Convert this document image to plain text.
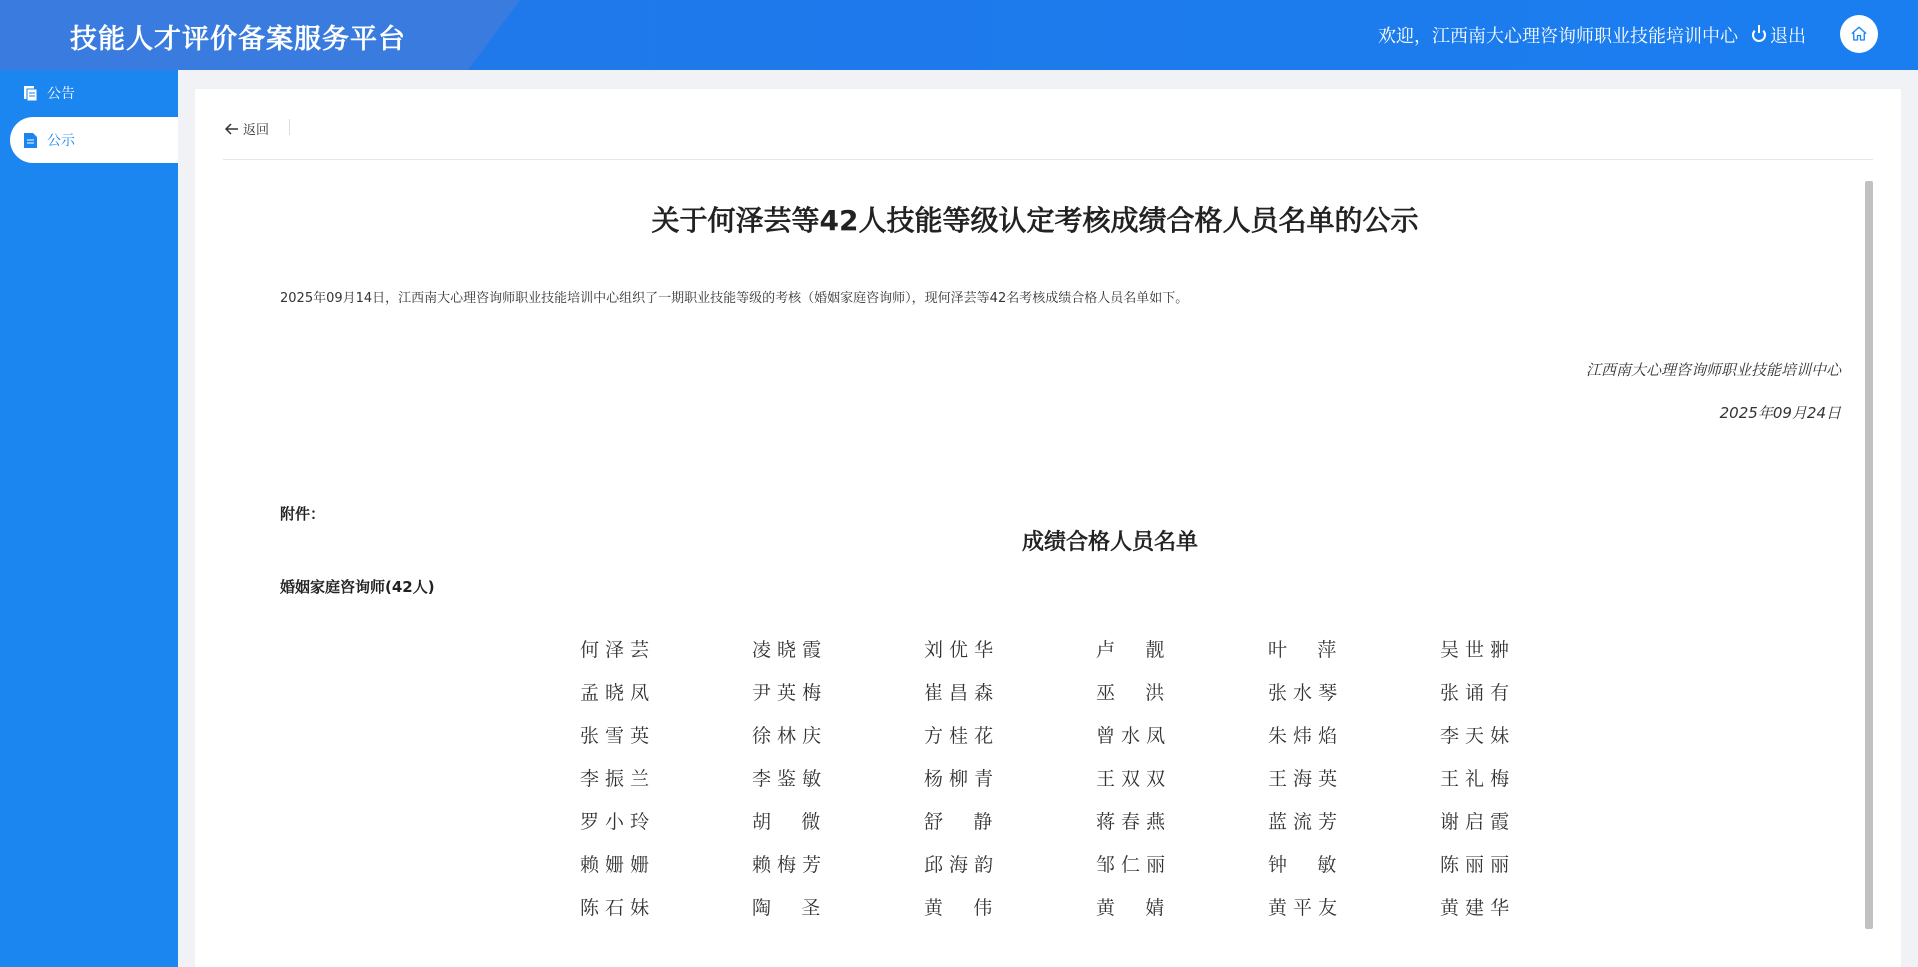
技能人才评价备案服务平台	欢迎，江西南大心理咨询师职业技能培训中心 退出
公告
公示
返回
关于何泽芸等42人技能等级认定考核成绩合格人员名单的公示
2025年09月14日，江西南大心理咨询师职业技能培训中心组织了一期职业技能等级的考核（婚姻家庭咨询师），现何泽芸等42名考核成绩合格人员名单如下。
江西南大心理咨询师职业技能培训中心
2025年09月24日
附件：
成绩合格人员名单
婚姻家庭咨询师(42人)
何 泽 芸	凌 晓 霞	刘 优 华	卢     靓	叶     萍	吴 世 翀
孟 晓 凤	尹 英 梅	崔 昌 森	巫     洪	张 水 琴	张 诵 有
张 雪 英	徐 林 庆	方 桂 花	曾 水 凤	朱 炜 焰	李 天 妹
李 振 兰	李 鉴 敏	杨 柳 青	王 双 双	王 海 英	王 礼 梅
罗 小 玲	胡     微	舒     静	蒋 春 燕	蓝 流 芳	谢 启 霞
赖 姗 姗	赖 梅 芳	邱 海 韵	邹 仁 丽	钟     敏	陈 丽 丽
陈 石 妹	陶     圣	黄     伟	黄     婧	黄 平 友	黄 建 华
